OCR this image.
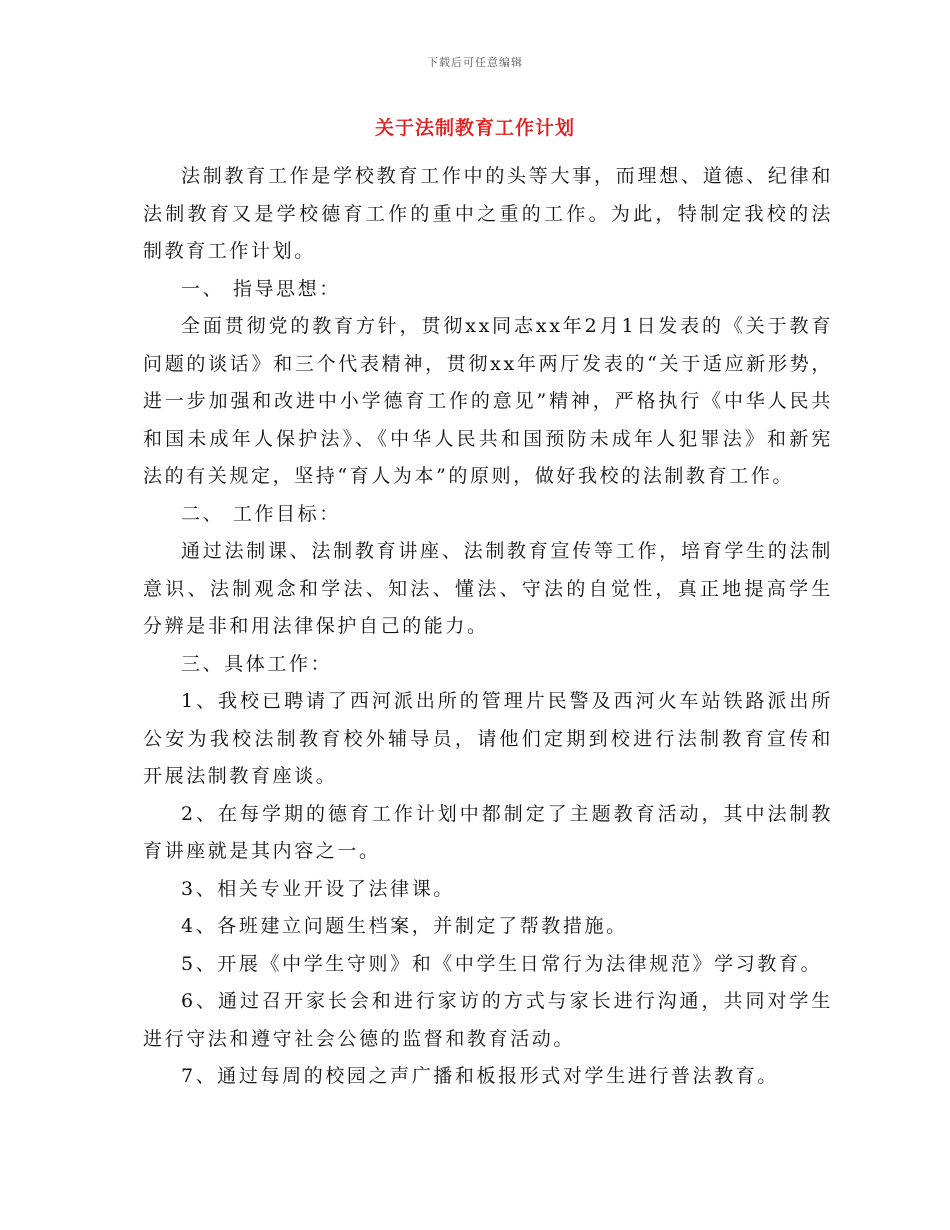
下载后可任意编辑
关于法制教育工作计划

法制教育工作是学校教育工作中的头等大事，而理想、道德、纪律和法制教育又是学校德育工作的重中之重的工作。为此，特制定我校的法制教育工作计划。

一、 指导思想：

全面贯彻党的教育方针，贯彻xx同志xx年2月1日发表的《关于教育问题的谈话》和三个代表精神，贯彻xx年两厅发表的“关于适应新形势，进一步加强和改进中小学德育工作的意见”精神，严格执行《中华人民共和国未成年人保护法》、《中华人民共和国预防未成年人犯罪法》和新宪法的有关规定，坚持“育人为本”的原则，做好我校的法制教育工作。

二、 工作目标：

通过法制课、法制教育讲座、法制教育宣传等工作，培育学生的法制意识、法制观念和学法、知法、懂法、守法的自觉性，真正地提高学生分辨是非和用法律保护自己的能力。

三、具体工作：

1、我校已聘请了西河派出所的管理片民警及西河火车站铁路派出所公安为我校法制教育校外辅导员，请他们定期到校进行法制教育宣传和开展法制教育座谈。

2、在每学期的德育工作计划中都制定了主题教育活动，其中法制教育讲座就是其内容之一。

3、相关专业开设了法律课。

4、各班建立问题生档案，并制定了帮教措施。

5、开展《中学生守则》和《中学生日常行为法律规范》学习教育。

6、通过召开家长会和进行家访的方式与家长进行沟通，共同对学生进行守法和遵守社会公德的监督和教育活动。

7、通过每周的校园之声广播和板报形式对学生进行普法教育。
